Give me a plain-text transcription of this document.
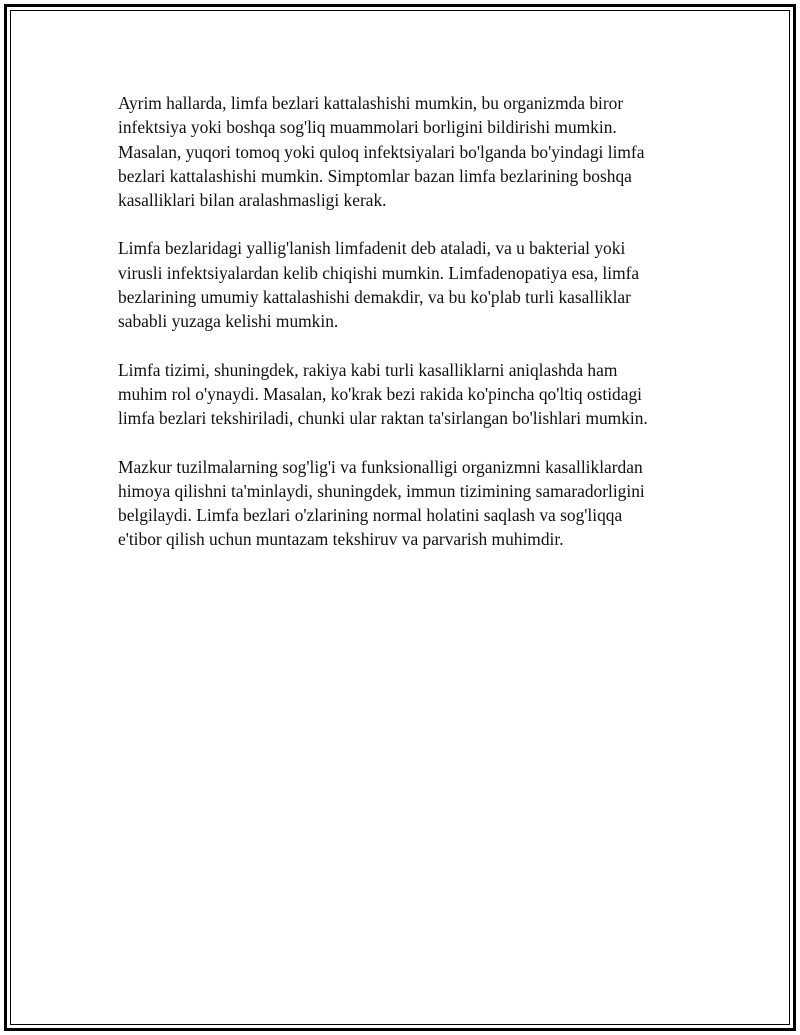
Ayrim hallarda, limfa bezlari kattalashishi mumkin, bu organizmda biror
infektsiya yoki boshqa sog'liq muammolari borligini bildirishi mumkin.
Masalan, yuqori tomoq yoki quloq infektsiyalari bo'lganda bo'yindagi limfa
bezlari kattalashishi mumkin. Simptomlar bazan limfa bezlarining boshqa
kasalliklari bilan aralashmasligi kerak.

Limfa bezlaridagi yallig'lanish limfadenit deb ataladi, va u bakterial yoki
virusli infektsiyalardan kelib chiqishi mumkin. Limfadenopatiya esa, limfa
bezlarining umumiy kattalashishi demakdir, va bu ko'plab turli kasalliklar
sababli yuzaga kelishi mumkin.

Limfa tizimi, shuningdek, rakiya kabi turli kasalliklarni aniqlashda ham
muhim rol o'ynaydi. Masalan, ko'krak bezi rakida ko'pincha qo'ltiq ostidagi
limfa bezlari tekshiriladi, chunki ular raktan ta'sirlangan bo'lishlari mumkin.

Mazkur tuzilmalarning sog'lig'i va funksionalligi organizmni kasalliklardan
himoya qilishni ta'minlaydi, shuningdek, immun tizimining samaradorligini
belgilaydi. Limfa bezlari o'zlarining normal holatini saqlash va sog'liqqa
e'tibor qilish uchun muntazam tekshiruv va parvarish muhimdir.
